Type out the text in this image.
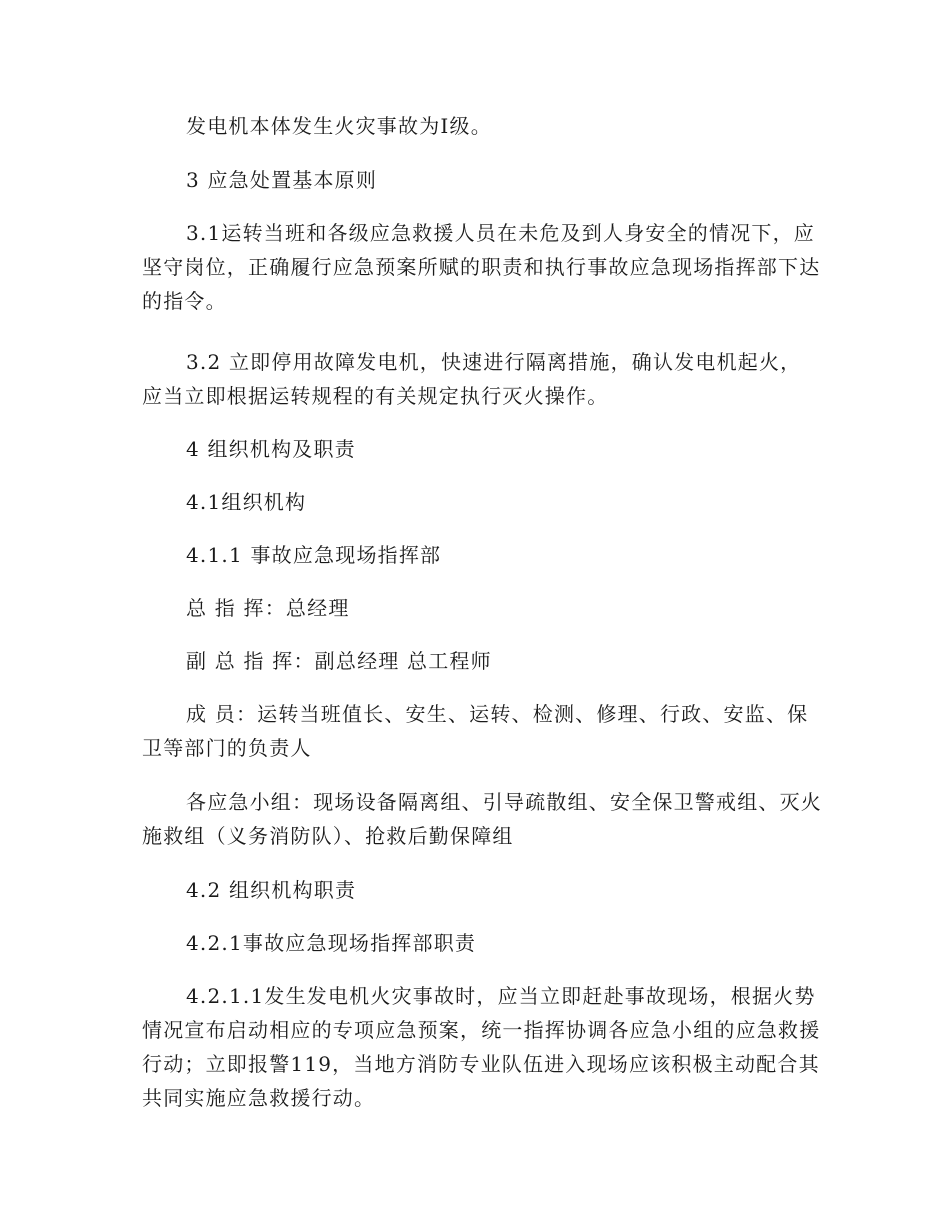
发电机本体发生火灾事故为Ⅰ级。

3 应急处置基本原则

3.1运转当班和各级应急救援人员在未危及到人身安全的情况下，应坚守岗位，正确履行应急预案所赋的职责和执行事故应急现场指挥部下达的指令。

3.2 立即停用故障发电机，快速进行隔离措施，确认发电机起火，应当立即根据运转规程的有关规定执行灭火操作。

4 组织机构及职责

4.1组织机构

4.1.1 事故应急现场指挥部

总 指 挥：总经理

副 总 指 挥：副总经理 总工程师

成 员：运转当班值长、安生、运转、检测、修理、行政、安监、保卫等部门的负责人

各应急小组：现场设备隔离组、引导疏散组、安全保卫警戒组、灭火施救组（义务消防队）、抢救后勤保障组

4.2 组织机构职责

4.2.1事故应急现场指挥部职责

4.2.1.1发生发电机火灾事故时，应当立即赶赴事故现场，根据火势情况宣布启动相应的专项应急预案，统一指挥协调各应急小组的应急救援行动；立即报警119，当地方消防专业队伍进入现场应该积极主动配合其共同实施应急救援行动。
